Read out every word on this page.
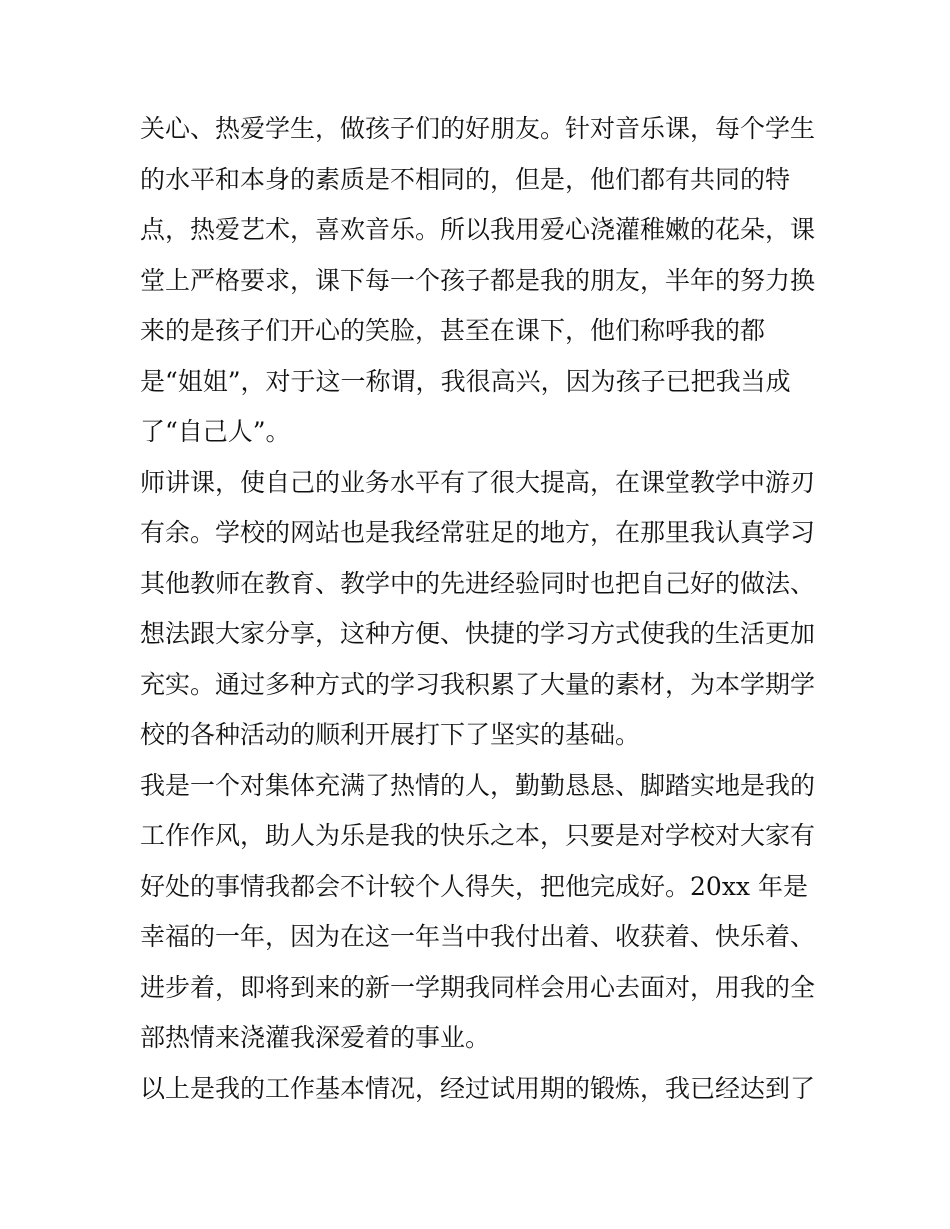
关心、热爱学生，做孩子们的好朋友。针对音乐课，每个学生
的水平和本身的素质是不相同的，但是，他们都有共同的特
点，热爱艺术，喜欢音乐。所以我用爱心浇灌稚嫩的花朵，课
堂上严格要求，课下每一个孩子都是我的朋友，半年的努力换
来的是孩子们开心的笑脸，甚至在课下，他们称呼我的都
是“姐姐”，对于这一称谓，我很高兴，因为孩子已把我当成
了“自己人”。
师讲课，使自己的业务水平有了很大提高，在课堂教学中游刃
有余。学校的网站也是我经常驻足的地方，在那里我认真学习
其他教师在教育、教学中的先进经验同时也把自己好的做法、
想法跟大家分享，这种方便、快捷的学习方式使我的生活更加
充实。通过多种方式的学习我积累了大量的素材，为本学期学
校的各种活动的顺利开展打下了坚实的基础。
我是一个对集体充满了热情的人，勤勤恳恳、脚踏实地是我的
工作作风，助人为乐是我的快乐之本，只要是对学校对大家有
好处的事情我都会不计较个人得失，把他完成好。20xx 年是
幸福的一年，因为在这一年当中我付出着、收获着、快乐着、
进步着，即将到来的新一学期我同样会用心去面对，用我的全
部热情来浇灌我深爱着的事业。
以上是我的工作基本情况，经过试用期的锻炼，我已经达到了
